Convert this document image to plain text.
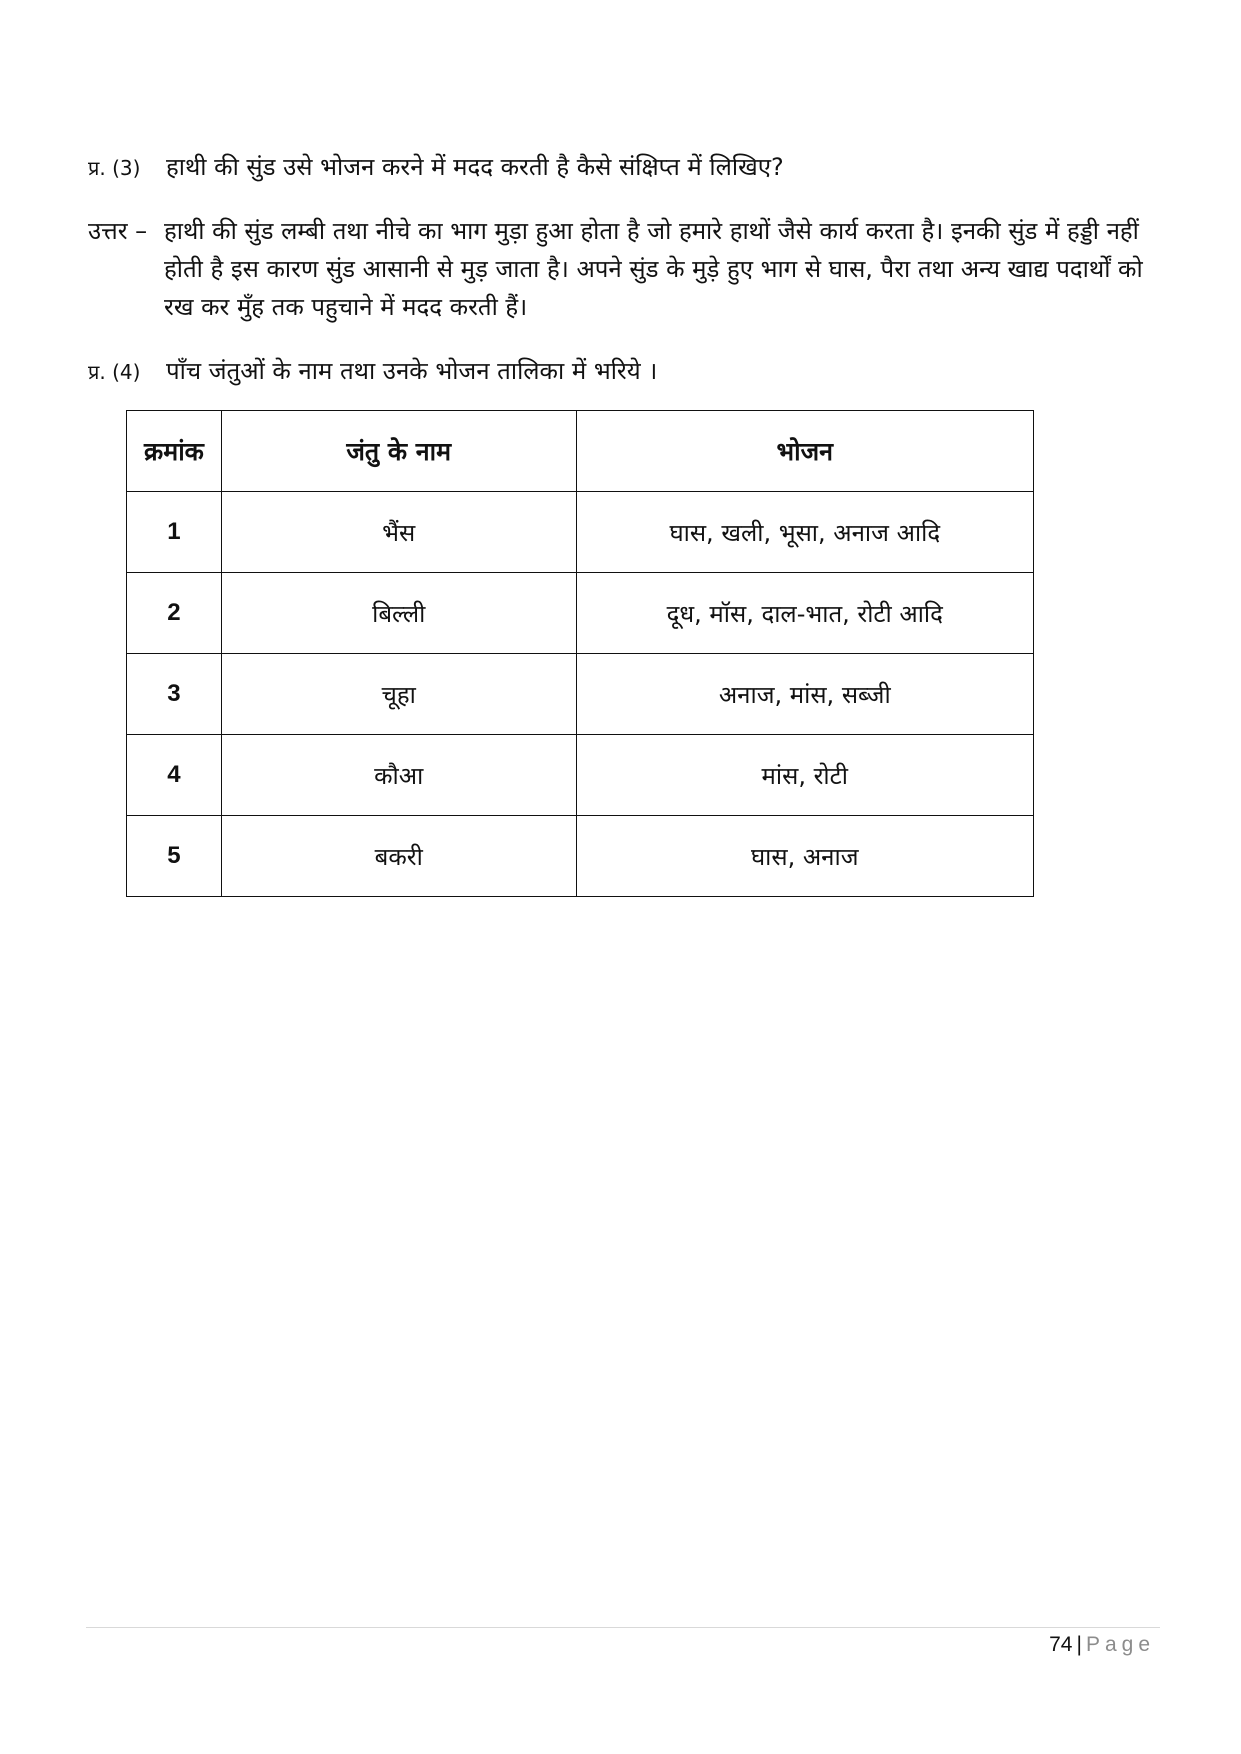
प्र. (3) हाथी की सुंड उसे भोजन करने में मदद करती है कैसे संक्षिप्त में लिखिए?
उत्तर – हाथी की सुंड लम्बी तथा नीचे का भाग मुड़ा हुआ होता है जो हमारे हाथों जैसे कार्य करता है। इनकी सुंड में हड्डी नहीं होती है इस कारण सुंड आसानी से मुड़ जाता है। अपने सुंड के मुड़े हुए भाग से घास, पैरा तथा अन्य खाद्य पदार्थों को रख कर मुँह तक पहुचाने में मदद करती हैं।
प्र. (4) पाँच जंतुओं के नाम तथा उनके भोजन तालिका में भरिये ।
क्रमांक	जंतु के नाम	भोजन
1	भैंस	घास, खली, भूसा, अनाज आदि
2	बिल्ली	दूध, मॉस, दाल-भात, रोटी आदि
3	चूहा	अनाज, मांस, सब्जी
4	कौआ	मांस, रोटी
5	बकरी	घास, अनाज
74 | Page
